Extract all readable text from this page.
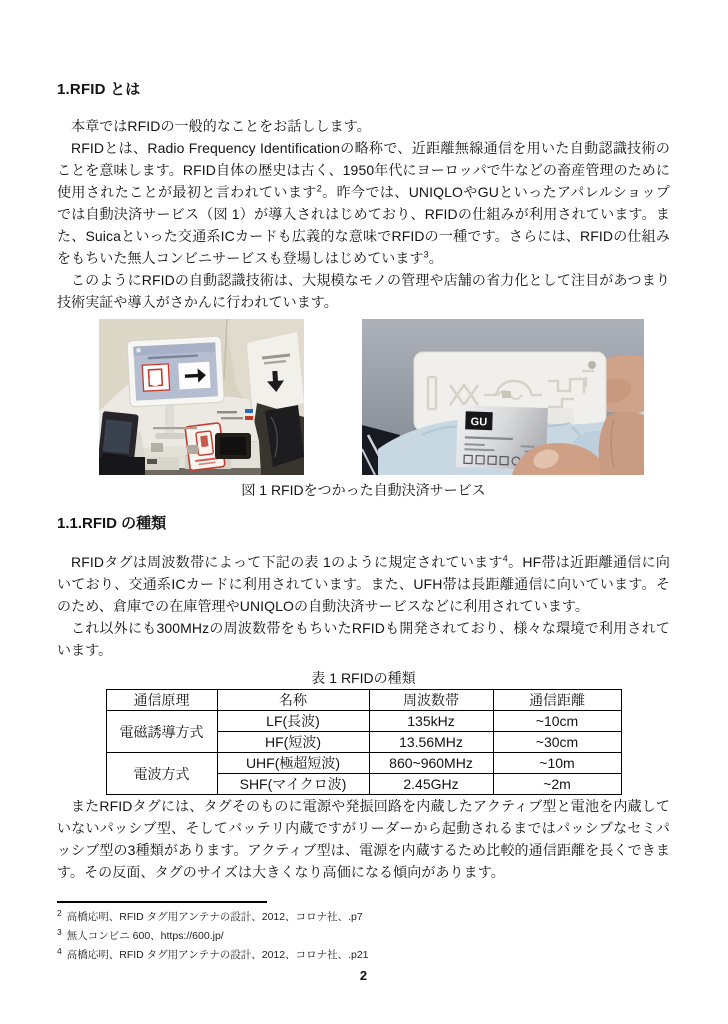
1.RFID とは

本章ではRFIDの一般的なことをお話しします。

RFIDとは、Radio Frequency Identificationの略称で、近距離無線通信を用いた自動認識技術のことを意味します。RFID自体の歴史は古く、1950年代にヨーロッパで牛などの畜産管理のために使用されたことが最初と言われています$^2$。昨今では、UNIQLOやGUといったアパレルショップでは自動決済サービス（図 1）が導入されはじめており、RFIDの仕組みが利用されています。また、Suicaといった交通系ICカードも広義的な意味でRFIDの一種です。さらには、RFIDの仕組みをもちいた無人コンビニサービスも登場しはじめています$^3$。

このようにRFIDの自動認識技術は、大規模なモノの管理や店舗の省力化として注目があつまり技術実証や導入がさかんに行われています。

GU
図 1 RFIDをつかった自動決済サービス
1.1.RFID の種類

RFIDタグは周波数帯によって下記の表 1のように規定されています$^4$。HF帯は近距離通信に向いており、交通系ICカードに利用されています。また、UFH帯は長距離通信に向いています。そのため、倉庫での在庫管理やUNIQLOの自動決済サービスなどに利用されています。

これ以外にも300MHzの周波数帯をもちいたRFIDも開発されており、様々な環境で利用されています。

表 1 RFIDの種類
通信原理	名称	周波数帯	通信距離
電磁誘導方式	LF(長波)	135kHz	~10cm
	HF(短波)	13.56MHz	~30cm
電波方式	UHF(極超短波)	860~960MHz	~10m
	SHF(マイクロ波)	2.45GHz	~2m

またRFIDタグには、タグそのものに電源や発振回路を内蔵したアクティブ型と電池を内蔵していないパッシブ型、そしてバッテリ内蔵ですがリーダーから起動されるまではパッシブなセミパッシブ型の3種類があります。アクティブ型は、電源を内蔵するため比較的通信距離を長くできます。その反面、タグのサイズは大きくなり高価になる傾向があります。

$^2$ 高橋応明、RFID タグ用アンテナの設計、2012、コロナ社、.p7

$^3$ 無人コンビニ 600、https://600.jp/

$^4$ 高橋応明、RFID タグ用アンテナの設計、2012、コロナ社、.p21

2
